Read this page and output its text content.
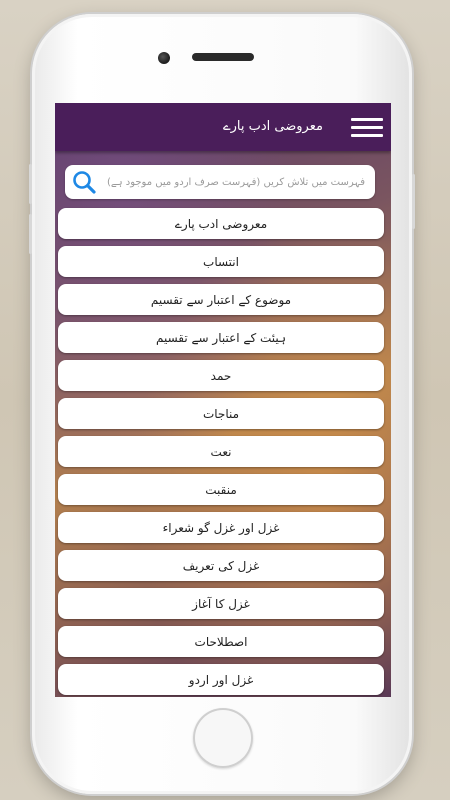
معروضی ادب پارے
فہرست میں تلاش کریں (فہرست صرف اردو میں موجود ہے)
معروضی ادب پارے
انتساب
موضوع کے اعتبار سے تقسیم
ہیئت کے اعتبار سے تقسیم
حمد
مناجات
نعت
منقبت
غزل اور غزل گو شعراء
غزل کی تعریف
غزل کا آغاز
اصطلاحات
غزل اور اردو
